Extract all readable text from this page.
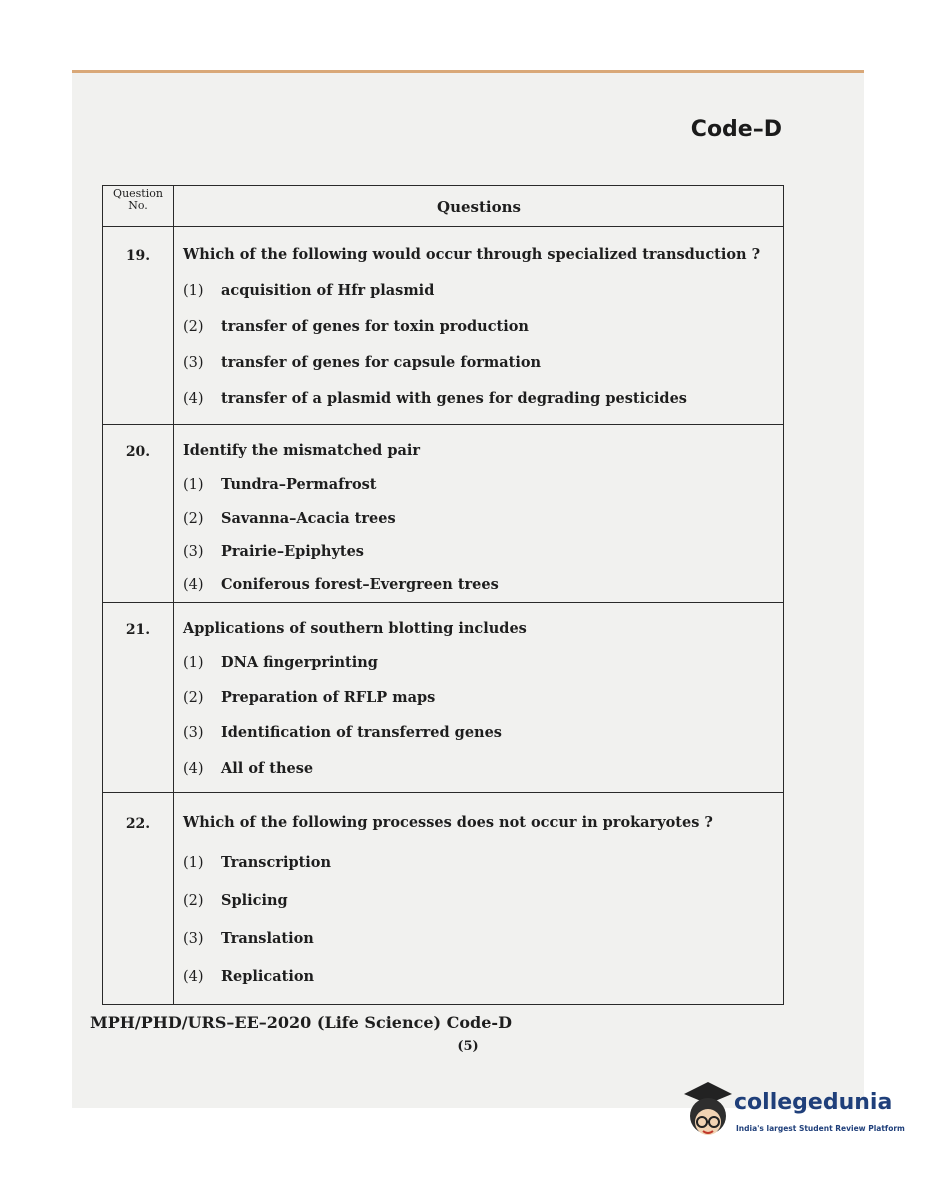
Code–D
Question No.	Questions
19.	Which of the following would occur through specialized transduction ?
(1) acquisition of Hfr plasmid
(2) transfer of genes for toxin production
(3) transfer of genes for capsule formation
(4) transfer of a plasmid with genes for degrading pesticides
20.	Identify the mismatched pair
(1) Tundra–Permafrost
(2) Savanna–Acacia trees
(3) Prairie–Epiphytes
(4) Coniferous forest–Evergreen trees
21.	Applications of southern blotting includes
(1) DNA fingerprinting
(2) Preparation of RFLP maps
(3) Identification of transferred genes
(4) All of these
22.	Which of the following processes does not occur in prokaryotes ?
(1) Transcription
(2) Splicing
(3) Translation
(4) Replication
MPH/PHD/URS–EE–2020 (Life Science) Code-D
(5)
collegedunia
India's largest Student Review Platform
